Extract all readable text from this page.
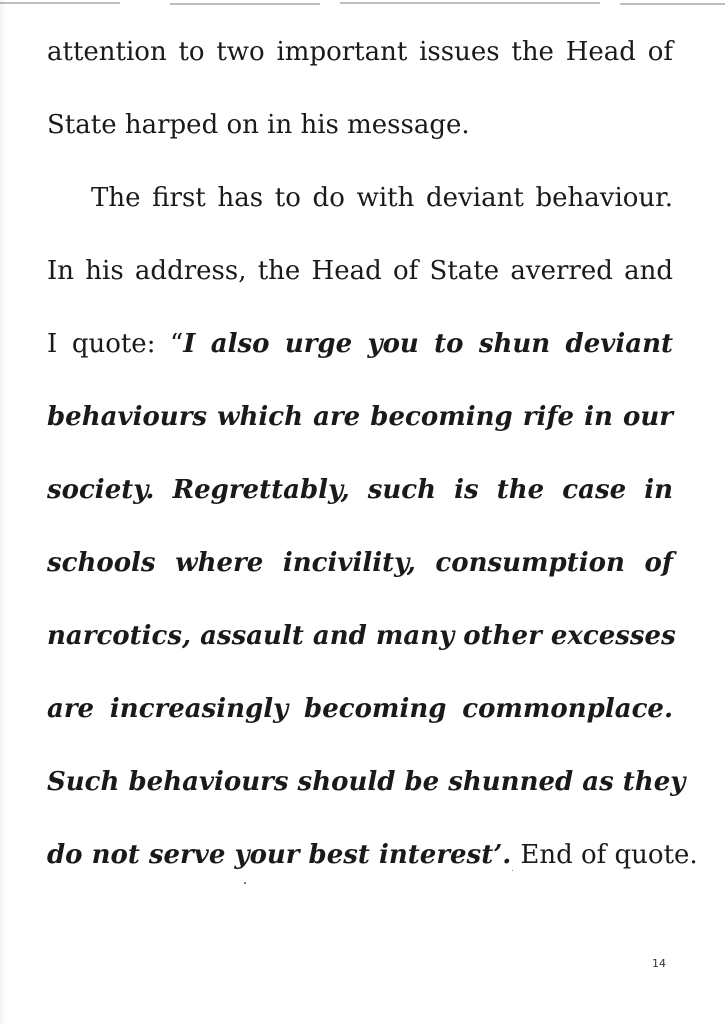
attention to two important issues the Head of
State harped on in his message.
The first has to do with deviant behaviour.
In his address, the Head of State averred and
I quote: “I also urge you to shun deviant
behaviours which are becoming rife in our
society. Regrettably, such is the case in
schools where incivility, consumption of
narcotics, assault and many other excesses
are increasingly becoming commonplace.
Such behaviours should be shunned as they
do not serve your best interest’. End of quote.
14
